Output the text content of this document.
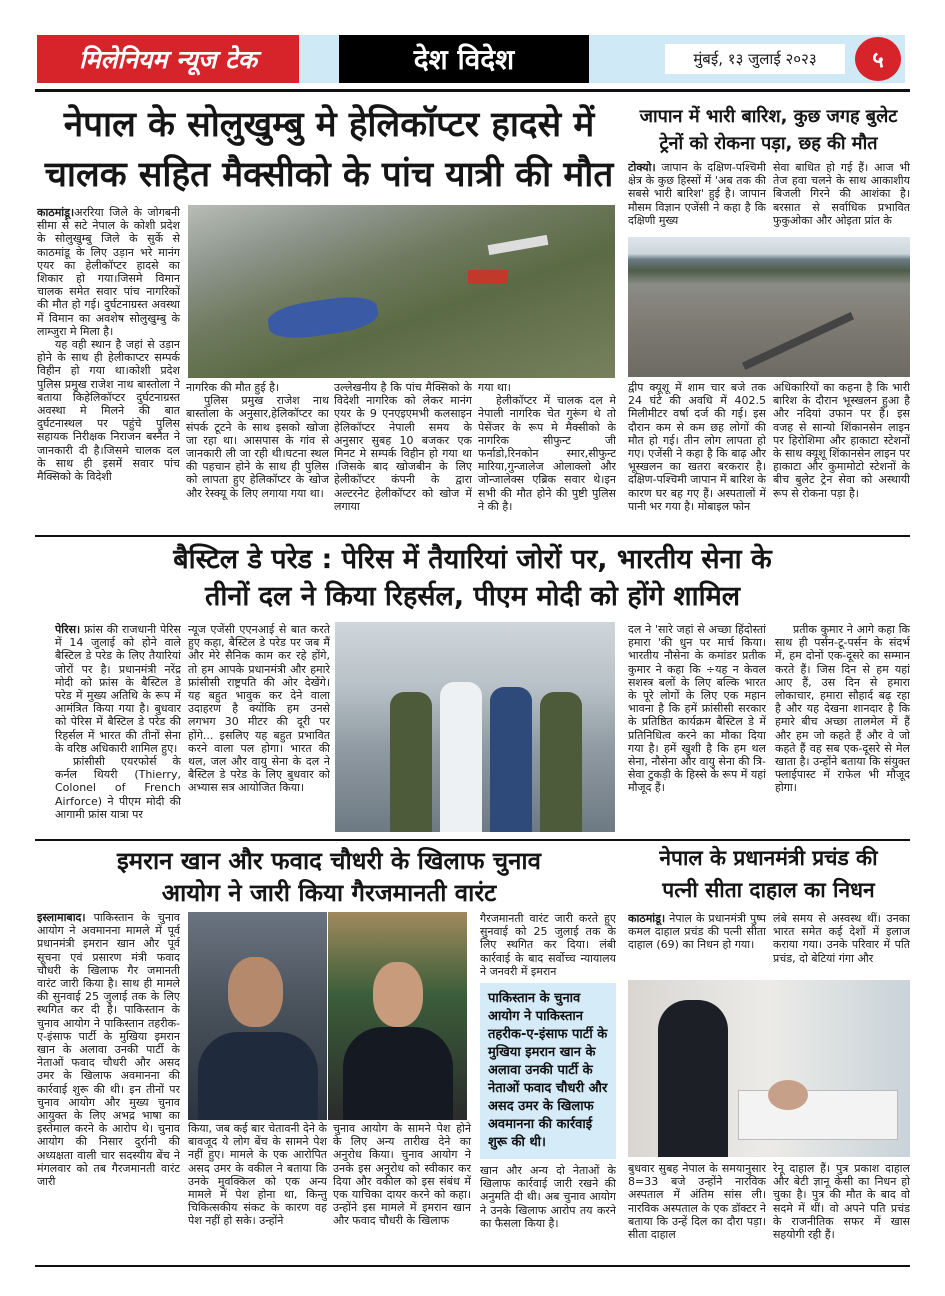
मिलेनियम न्यूज टेक	देश विदेश	मुंबई, १३ जुलाई २०२३	५
नेपाल के सोलुखुम्बु मे हेलिकॉप्टर हादसे में
चालक सहित मैक्सीको के पांच यात्री की मौत

काठमांडू।अररिया जिले के जोगबनी सीमा से सटे नेपाल के कोशी प्रदेश के सोलुखुम्बु जिले के सुर्के से काठमांडू के लिए उड़ान भरे मानंग एयर का हेलीकॉप्टर हादसे का शिकार हो गया।जिसमे विमान चालक समेत सवार पांच नागरिकों की मौत हो गई। दुर्घटनाग्रस्त अवस्था में विमान का अवशेष सोलुखुम्बु के लाम्जुरा मे मिला है।

यह वही स्थान है जहां से उड़ान होने के साथ ही हेलीकाप्टर सम्पर्क विहीन हो गया था।कोशी प्रदेश पुलिस प्रमुख राजेश नाथ बास्तोला ने बताया किहेलिकॉप्टर दुर्घटनाग्रस्त अवस्था मे मिलने की बात दुर्घटनास्थल पर पहुंचे पुलिस सहायक निरीक्षक निराजन बस्नैत ने जानकारी दी है।जिसमे चालक दल के साथ ही इसमें सवार पांच मैक्सिको के विदेशी

नागरिक की मौत हुई है।

पुलिस प्रमुख राजेश नाथ बास्तोला के अनुसार,हेलिकॉप्टर का संपर्क टूटने के साथ इसको खोजा जा रहा था। आसपास के गांव से जानकारी ली जा रही थी।घटना स्थल की पहचान होने के साथ ही पुलिस को लापता हुए हेलिकॉप्टर के खोज और रेस्क्यू के लिए लगाया गया था।

उल्लेखनीय है कि पांच मैक्सिको के विदेशी नागरिक को लेकर मानंग एयर के 9 एनएइएमभी कलसाइन हेलिकॉप्टर नेपाली समय के अनुसार सुबह 10 बजकर एक मिनट मे सम्पर्क विहीन हो गया था ।जिसके बाद खोजबीन के लिए हेलीकॉप्टर कंपनी के द्वारा अल्टरनेट हेलीकॉप्टर को खोज में लगाया

गया था।

हेलीकॉप्टर में चालक दल मे नेपाली नागरिक चेत गुरूंग थे तो पेसेंजर के रूप मे मैक्सीको के नागरिक सीफुन्ट जी फर्नाडो,रिनकोन स्मार,सीफुन्ट मारिया,गुन्जालेज ओलाक्लो और जोन्जालेक्स एब्रिक सवार थे।इन सभी की मौत होने की पुष्टी पुलिस ने की है।

जापान में भारी बारिश, कुछ जगह बुलेट
ट्रेनों को रोकना पड़ा, छह की मौत

टोक्यो। जापान के दक्षिण-पश्चिमी क्षेत्र के कुछ हिस्सों में 'अब तक की सबसे भारी बारिश' हुई है। जापान मौसम विज्ञान एजेंसी ने कहा है कि दक्षिणी मुख्य

सेवा बाधित हो गई हैं। आज भी तेज हवा चलने के साथ आकाशीय बिजली गिरने की आशंका है। बरसात से सर्वाधिक प्रभावित फुकुओका और ओइता प्रांत के

द्वीप क्यूशू में शाम चार बजे तक 24 घंटे की अवधि में 402.5 मिलीमीटर वर्षा दर्ज की गई। इस दौरान कम से कम छह लोगों की मौत हो गई। तीन लोग लापता हो गए। एजेंसी ने कहा है कि बाढ़ और भूस्खलन का खतरा बरकरार है। दक्षिण-पश्चिमी जापान में बारिश के कारण घर बह गए हैं। अस्पतालों में पानी भर गया है। मोबाइल फोन

अधिकारियों का कहना है कि भारी बारिश के दौरान भूस्खलन हुआ है और नदियां उफान पर हैं। इस वजह से सान्यो शिंकानसेन लाइन पर हिरोशिमा और हाकाटा स्टेशनों के साथ क्यूशू शिंकानसेन लाइन पर हाकाटा और कुमामोटो स्टेशनों के बीच बुलेट ट्रेन सेवा को अस्थायी रूप से रोकना पड़ा है।

बैस्टिल डे परेड : पेरिस में तैयारियां जोरों पर, भारतीय सेना के
तीनों दल ने किया रिहर्सल, पीएम मोदी को होंगे शामिल

पेरिस। फ्रांस की राजधानी पेरिस में 14 जुलाई को होने वाले बैस्टिल डे परेड के लिए तैयारियां जोरों पर है। प्रधानमंत्री नरेंद्र मोदी को फ्रांस के बैस्टिल डे परेड में मुख्य अतिथि के रूप में आमंत्रित किया गया है। बुधवार को पेरिस में बैस्टिल डे परेड की रिहर्सल में भारत की तीनों सेना के वरिष्ठ अधिकारी शामिल हुए।

फ्रांसीसी एयरफोर्स के कर्नल थियरी (Thierry, Colonel of French Airforce) ने पीएम मोदी की आगामी फ्रांस यात्रा पर

न्यूज एजेंसी एएनआई से बात करते हुए कहा, बैस्टिल डे परेड पर जब मैं और मेरे सैनिक काम कर रहे होंगे, तो हम आपके प्रधानमंत्री और हमारे फ्रांसीसी राष्ट्रपति की ओर देखेंगे। यह बहुत भावुक कर देने वाला उदाहरण है क्योंकि हम उनसे लगभग 30 मीटर की दूरी पर होंगे... इसलिए यह बहुत प्रभावित करने वाला पल होगा। भारत की थल, जल और वायु सेना के दल ने बैस्टिल डे परेड के लिए बुधवार को अभ्यास सत्र आयोजित किया।

दल ने 'सारे जहां से अच्छा हिंदोस्तां हमारा 'की धुन पर मार्च किया। भारतीय नौसेना के कमांडर प्रतीक कुमार ने कहा कि ÷यह न केवल सशस्त्र बलों के लिए बल्कि भारत के पूरे लोगों के लिए एक महान भावना है कि हमें फ्रांसीसी सरकार के प्रतिष्ठित कार्यक्रम बैस्टिल डे में प्रतिनिधित्व करने का मौका दिया गया है। हमें खुशी है कि हम थल सेना, नौसेना और वायु सेना की त्रि-सेवा टुकड़ी के हिस्से के रूप में यहां मौजूद हैं।

प्रतीक कुमार ने आगे कहा कि साथ ही पर्सन-टू-पर्सन के संदर्भ में, हम दोनों एक-दूसरे का सम्मान करते हैं। जिस दिन से हम यहां आए हैं, उस दिन से हमारा लोकाचार, हमारा सौहार्द बढ़ रहा है और यह देखना शानदार है कि हमारे बीच अच्छा तालमेल में हैं और हम जो कहते हैं और वे जो कहते हैं वह सब एक-दूसरे से मेल खाता है। उन्होंने बताया कि संयुक्त फ्लाईपास्ट में राफेल भी मौजूद होगा।

इमरान खान और फवाद चौधरी के खिलाफ चुनाव
आयोग ने जारी किया गैरजमानती वारंट

इस्लामाबाद। पाकिस्तान के चुनाव आयोग ने अवमानना मामले में पूर्व प्रधानमंत्री इमरान खान और पूर्व सूचना एवं प्रसारण मंत्री फवाद चौधरी के खिलाफ गैर जमानती वारंट जारी किया है। साथ ही मामले की सुनवाई 25 जुलाई तक के लिए स्थगित कर दी है। पाकिस्तान के चुनाव आयोग ने पाकिस्तान तहरीक-ए-इंसाफ पार्टी के मुखिया इमरान खान के अलावा उनकी पार्टी के नेताओं फवाद चौधरी और असद उमर के खिलाफ अवमानना की कार्रवाई शुरू की थी। इन तीनों पर चुनाव आयोग और मुख्य चुनाव आयुक्त के लिए अभद्र भाषा का इस्तेमाल करने के आरोप थे। चुनाव आयोग की निसार दुर्रानी की अध्यक्षता वाली चार सदस्यीय बेंच ने मंगलवार को तब गैरजमानती वारंट जारी

किया, जब कई बार चेतावनी देने के बावजूद ये लोग बेंच के सामने पेश नहीं हुए। मामले के एक आरोपित असद उमर के वकील ने बताया कि उनके मुवक्किल को एक अन्य मामले में पेश होना था, किन्तु चिकित्सकीय संकट के कारण वह पेश नहीं हो सके। उन्होंने

चुनाव आयोग के सामने पेश होने के लिए अन्य तारीख देने का अनुरोध किया। चुनाव आयोग ने उनके इस अनुरोध को स्वीकार कर दिया और वकील को इस संबंध में एक याचिका दायर करने को कहा। उन्होंने इस मामले में इमरान खान और फवाद चौधरी के खिलाफ

गैरजमानती वारंट जारी करते हुए सुनवाई को 25 जुलाई तक के लिए स्थगित कर दिया। लंबी कार्रवाई के बाद सर्वोच्च न्यायालय ने जनवरी में इमरान

पाकिस्तान के चुनाव आयोग ने पाकिस्तान तहरीक-ए-इंसाफ पार्टी के मुखिया इमरान खान के अलावा उनकी पार्टी के नेताओं फवाद चौधरी और असद उमर के खिलाफ अवमानना की कार्रवाई शुरू की थी।

खान और अन्य दो नेताओं के खिलाफ कार्रवाई जारी रखने की अनुमति दी थी। अब चुनाव आयोग ने उनके खिलाफ आरोप तय करने का फैसला किया है।

नेपाल के प्रधानमंत्री प्रचंड की
पत्नी सीता दाहाल का निधन

काठमांडू। नेपाल के प्रधानमंत्री पुष्प कमल दाहाल प्रचंड की पत्नी सीता दाहाल (69) का निधन हो गया।

लंबे समय से अस्वस्थ थीं। उनका भारत समेत कई देशों में इलाज कराया गया। उनके परिवार में पति प्रचंड, दो बेटियां गंगा और

बुधवार सुबह नेपाल के समयानुसार 8=33 बजे उन्होंने नारविक अस्पताल में अंतिम सांस ली। नारविक अस्पताल के एक डॉक्टर ने बताया कि उन्हें दिल का दौरा पड़ा। सीता दाहाल

रेनू दाहाल हैं। पुत्र प्रकाश दाहाल और बेटी ज्ञानू केसी का निधन हो चुका है। पुत्र की मौत के बाद वो सदमे में थीं। वो अपने पति प्रचंड के राजनीतिक सफर में खास सहयोगी रही हैं।
